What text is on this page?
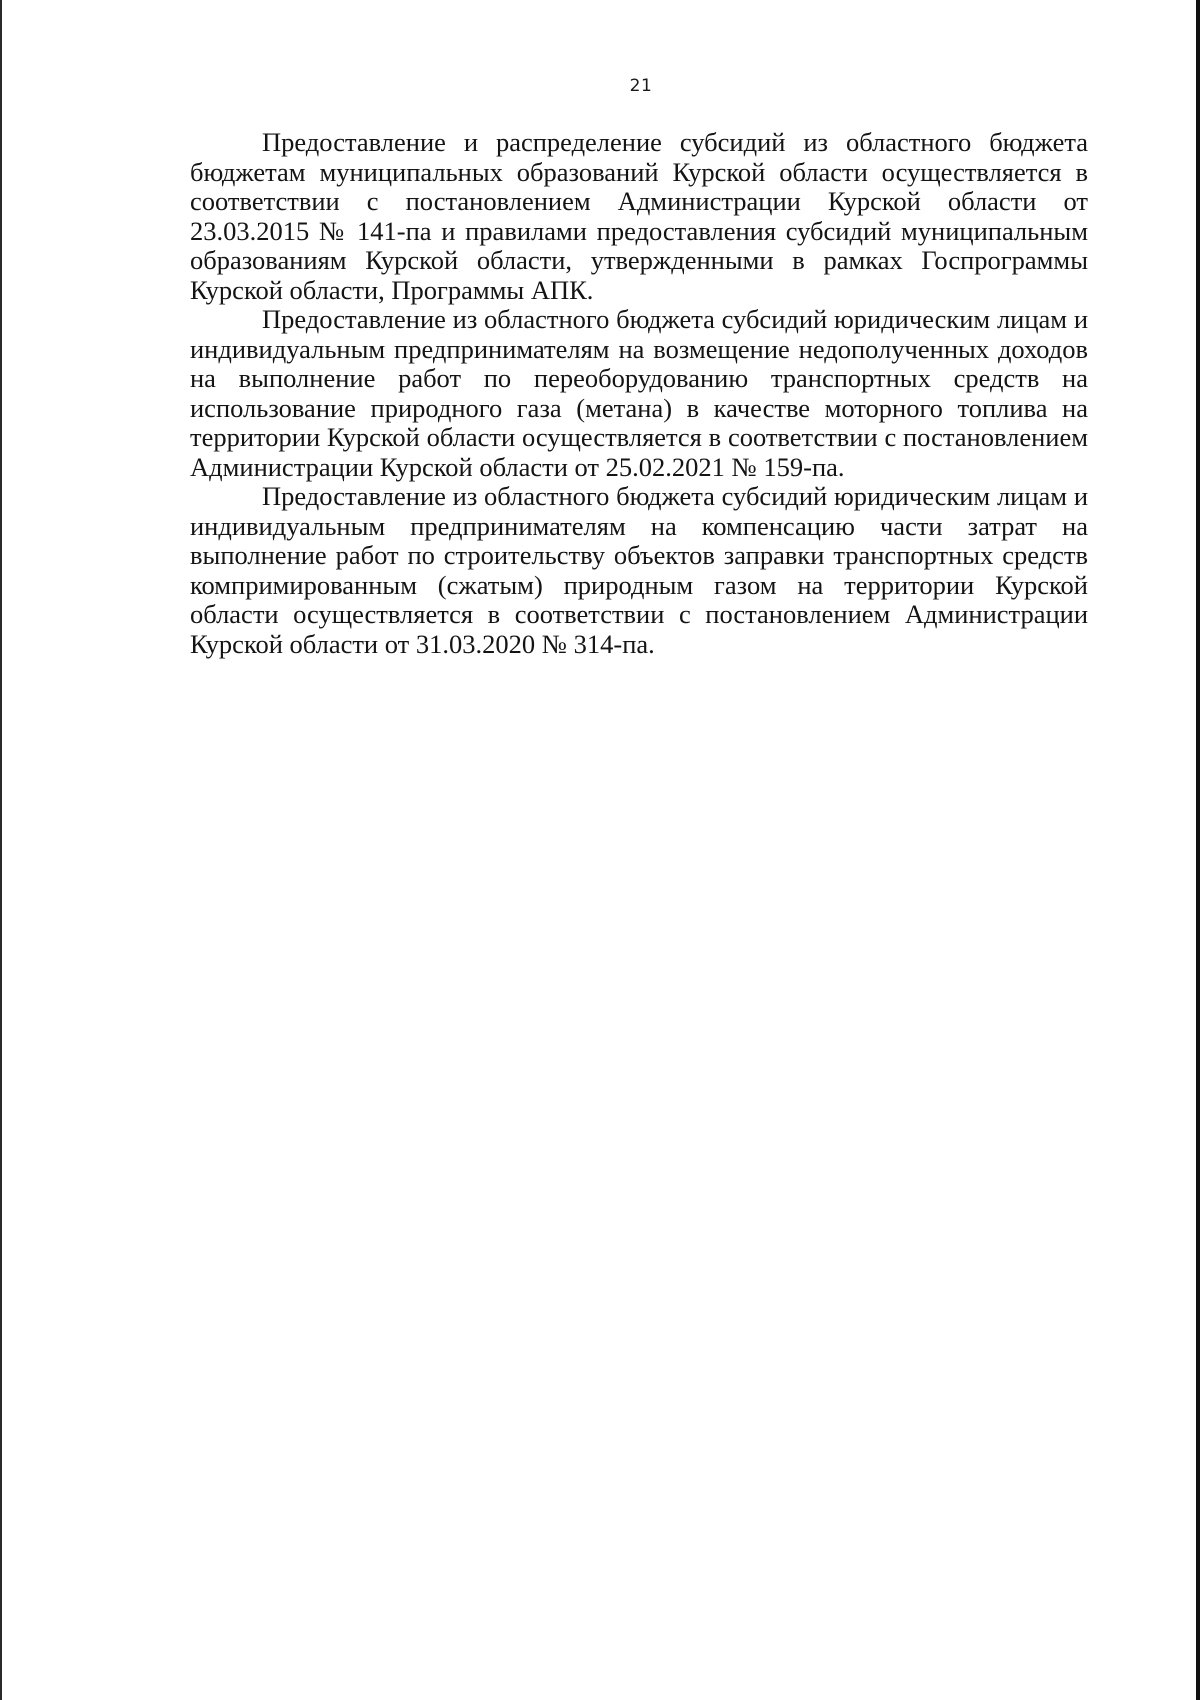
21

Предоставление и распределение субсидий из областного бюджета бюджетам муниципальных образований Курской области осуществляется в соответствии с постановлением Администрации Курской области от 23.03.2015 № 141-па и правилами предоставления субсидий муниципальным образованиям Курской области, утвержденными в рамках Госпрограммы Курской области, Программы АПК.

Предоставление из областного бюджета субсидий юридическим лицам и индивидуальным предпринимателям на возмещение недополученных доходов на выполнение работ по переоборудованию транспортных средств на использование природного газа (метана) в качестве моторного топлива на территории Курской области осуществляется в соответствии с постановлением Администрации Курской области от 25.02.2021 № 159-па.

Предоставление из областного бюджета субсидий юридическим лицам и индивидуальным предпринимателям на компенсацию части затрат на выполнение работ по строительству объектов заправки транспортных средств компримированным (сжатым) природным газом на территории Курской области осуществляется в соответствии с постановлением Администрации Курской области от 31.03.2020 № 314-па.
